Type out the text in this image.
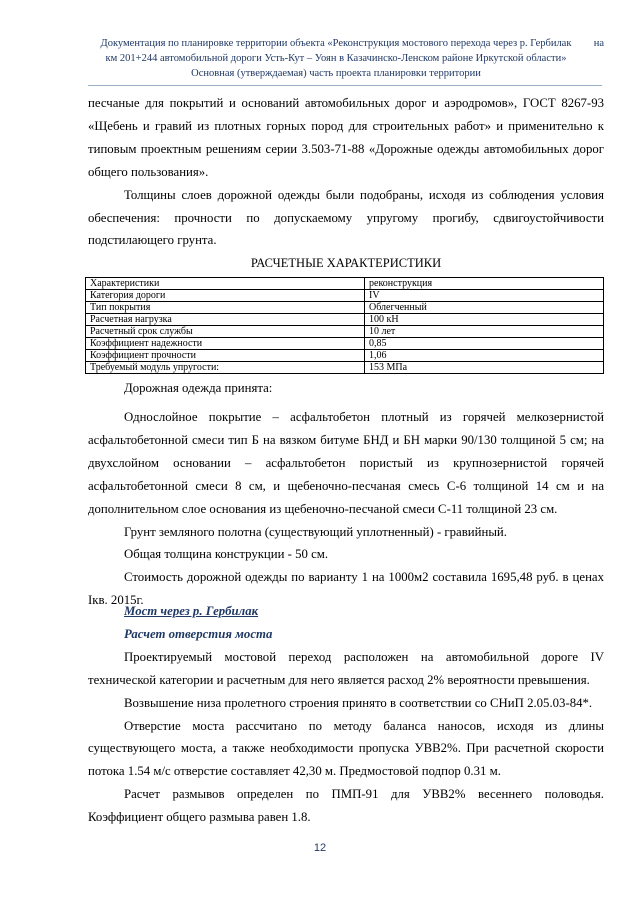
Документация по планировке территории объекта «Реконструкция мостового перехода через р. Гербилак на
км 201+244 автомобильной дороги Усть-Кут – Уоян в Казачинско-Ленском районе Иркутской области»
Основная (утверждаемая) часть проекта планировки территории

песчаные для покрытий и оснований автомобильных дорог и аэродромов», ГОСТ 8267-93 «Щебень и гравий из плотных горных пород для строительных работ» и применительно к типовым проектным решениям серии 3.503-71-88 «Дорожные одежды автомобильных дорог общего пользования».

Толщины слоев дорожной одежды были подобраны, исходя из соблюдения условия обеспечения: прочности по допускаемому упругому прогибу, сдвигоустойчивости подстилающего грунта.

РАСЧЕТНЫЕ ХАРАКТЕРИСТИКИ
Характеристики	реконструкция
Категория дороги	IV
Тип покрытия	Облегченный
Расчетная нагрузка	100 кН
Расчетный срок службы	10 лет
Коэффициент надежности	0,85
Коэффициент прочности	1,06
Требуемый модуль упругости:	153 МПа

Дорожная одежда принята:

Однослойное покрытие – асфальтобетон плотный из горячей мелкозернистой асфальтобетонной смеси тип Б на вязком битуме БНД и БН марки 90/130 толщиной 5 см; на двухслойном основании – асфальтобетон пористый из крупнозернистой горячей асфальтобетонной смеси 8 см, и щебеночно-песчаная смесь С-6 толщиной 14 см и на дополнительном слое основания из щебеночно-песчаной смеси С-11 толщиной 23 см.

Грунт земляного полотна (существующий уплотненный) - гравийный.

Общая толщина конструкции - 50 см.

Стоимость дорожной одежды по варианту 1 на 1000м2 составила 1695,48 руб. в ценах Iкв. 2015г.

Мост через р. Гербилак

Расчет отверстия моста

Проектируемый мостовой переход расположен на автомобильной дороге IV технической категории и расчетным для него является расход 2% вероятности превышения.

Возвышение низа пролетного строения принято в соответствии со СНиП 2.05.03-84*.

Отверстие моста рассчитано по методу баланса наносов, исходя из длины существующего моста, а также необходимости пропуска УВВ2%. При расчетной скорости потока 1.54 м/с отверстие составляет 42,30 м. Предмостовой подпор 0.31 м.

Расчет размывов определен по ПМП-91 для УВВ2% весеннего половодья. Коэффициент общего размыва равен 1.8.

12
